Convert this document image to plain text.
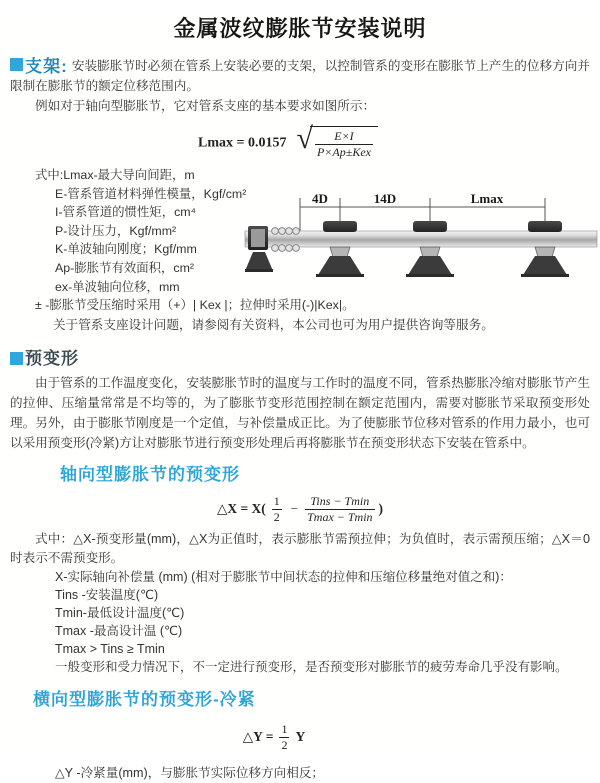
金属波纹膨胀节安装说明

支架: 安装膨胀节时必须在管系上安装必要的支架，以控制管系的变形在膨胀节上产生的位移方向并限制在膨胀节的额定位移范围内。

例如对于轴向型膨胀节，它对管系支座的基本要求如图所示：

Lmax = 0.0157 √ $\frac{E\times I}{\text{P×Ap±Kex}}$
式中:Lmax-最大导向间距，m
E-管系管道材料弹性模量，Kgf/cm²
I-管系管道的惯性矩，cm⁴
P-设计压力，Kgf/mm²
K-单波轴向刚度；Kgf/mm
Ap-膨胀节有效面积，cm²
ex-单波轴向位移，mm
± -膨胀节受压缩时采用（+）| Kex |；拉伸时采用(-)|Kex|。
4D	14D	Lmax

关于管系支座设计问题，请参阅有关资料，本公司也可为用户提供咨询等服务。

预变形

由于管系的工作温度变化，安装膨胀节时的温度与工作时的温度不同，管系热膨胀冷缩对膨胀节产生的拉伸、压缩量常常是不均等的，为了膨胀节变形范围控制在额定范围内，需要对膨胀节采取预变形处理。另外，由于膨胀节刚度是一个定值，与补偿量成正比。为了使膨胀节位移对管系的作用力最小，也可以采用预变形(冷紧)方让对膨胀节进行预变形处理后再将膨胀节在预变形状态下安装在管系中。

轴向型膨胀节的预变形
△X = $X( \frac{1}{2} - \frac{\text{Tins − Tmin}}{Tmax - Tmin}$ )

式中：△X-预变形量(mm)，△X为正值时，表示膨胀节需预拉伸；为负值时，表示需预压缩；△X＝0时表示不需预变形。

X-实际轴向补偿量 (mm) (相对于膨胀节中间状态的拉伸和压缩位移量绝对值之和)：
Tins -安装温度(℃)
Tmin-最低设计温度(℃)
Tmax -最高设计温 (℃)
Tmax > Tins ≥ Tmin
一般变形和受力情况下，不一定进行预变形，是否预变形对膨胀节的疲劳寿命几乎没有影响。
横向型膨胀节的预变形-冷紧
△Y = $\frac{1}{2}$ Y

△Y -冷紧量(mm)，与膨胀节实际位移方向相反；
